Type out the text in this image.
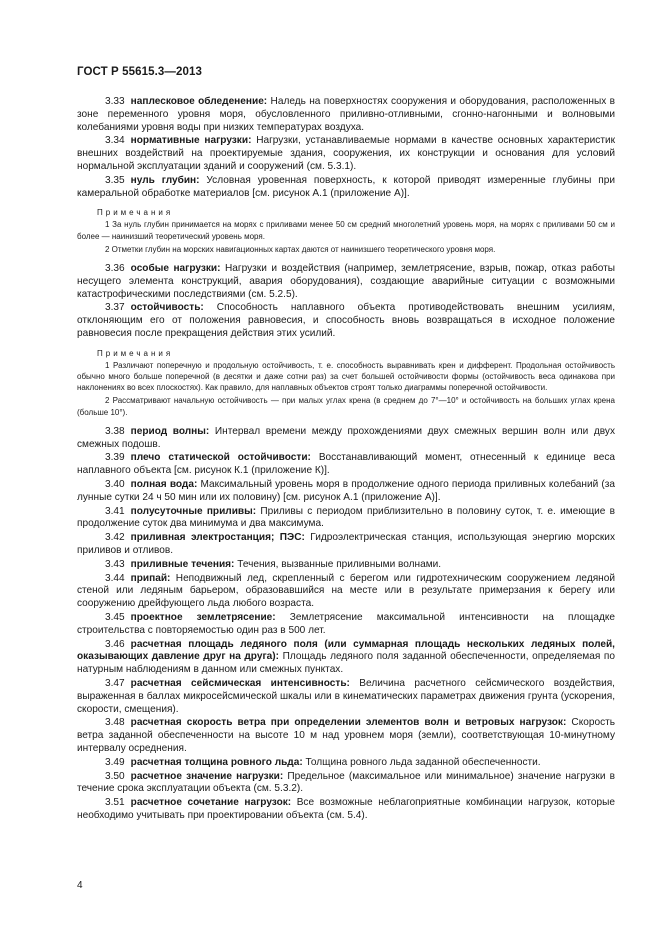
ГОСТ Р 55615.3—2013

3.33 наплесковое обледенение: Наледь на поверхностях сооружения и оборудования, расположенных в зоне переменного уровня моря, обусловленного приливно-отливными, сгонно-нагонными и волновыми колебаниями уровня воды при низких температурах воздуха.

3.34 нормативные нагрузки: Нагрузки, устанавливаемые нормами в качестве основных характеристик внешних воздействий на проектируемые здания, сооружения, их конструкции и основания для условий нормальной эксплуатации зданий и сооружений (см. 5.3.1).

3.35 нуль глубин: Условная уровенная поверхность, к которой приводят измеренные глубины при камеральной обработке материалов [см. рисунок А.1 (приложение А)].

Примечания

1 За нуль глубин принимается на морях с приливами менее 50 см средний многолетний уровень моря, на морях с приливами 50 см и более — наинизший теоретический уровень моря.

2 Отметки глубин на морских навигационных картах даются от наинизшего теоретического уровня моря.

3.36 особые нагрузки: Нагрузки и воздействия (например, землетрясение, взрыв, пожар, отказ работы несущего элемента конструкций, авария оборудования), создающие аварийные ситуации с возможными катастрофическими последствиями (см. 5.2.5).

3.37 остойчивость: Способность наплавного объекта противодействовать внешним усилиям, отклоняющим его от положения равновесия, и способность вновь возвращаться в исходное положение равновесия после прекращения действия этих усилий.

Примечания

1 Различают поперечную и продольную остойчивость, т. е. способность выравнивать крен и дифферент. Продольная остойчивость обычно много больше поперечной (в десятки и даже сотни раз) за счет большей остойчивости формы (остойчивость веса одинакова при наклонениях во всех плоскостях). Как правило, для наплавных объектов строят только диаграммы поперечной остойчивости.

2 Рассматривают начальную остойчивость — при малых углах крена (в среднем до 7°—10° и остойчивость на больших углах крена (больше 10°).

3.38 период волны: Интервал времени между прохождениями двух смежных вершин волн или двух смежных подошв.

3.39 плечо статической остойчивости: Восстанавливающий момент, отнесенный к единице веса наплавного объекта [см. рисунок К.1 (приложение К)].

3.40 полная вода: Максимальный уровень моря в продолжение одного периода приливных колебаний (за лунные сутки 24 ч 50 мин или их половину) [см. рисунок А.1 (приложение А)].

3.41 полусуточные приливы: Приливы с периодом приблизительно в половину суток, т. е. имеющие в продолжение суток два минимума и два максимума.

3.42 приливная электростанция; ПЭС: Гидроэлектрическая станция, использующая энергию морских приливов и отливов.

3.43 приливные течения: Течения, вызванные приливными волнами.

3.44 припай: Неподвижный лед, скрепленный с берегом или гидротехническим сооружением ледяной стеной или ледяным барьером, образовавшийся на месте или в результате примерзания к берегу или сооружению дрейфующего льда любого возраста.

3.45 проектное землетрясение: Землетрясение максимальной интенсивности на площадке строительства с повторяемостью один раз в 500 лет.

3.46 расчетная площадь ледяного поля (или суммарная площадь нескольких ледяных полей, оказывающих давление друг на друга): Площадь ледяного поля заданной обеспеченности, определяемая по натурным наблюдениям в данном или смежных пунктах.

3.47 расчетная сейсмическая интенсивность: Величина расчетного сейсмического воздействия, выраженная в баллах микросейсмической шкалы или в кинематических параметрах движения грунта (ускорения, скорости, смещения).

3.48 расчетная скорость ветра при определении элементов волн и ветровых нагрузок: Скорость ветра заданной обеспеченности на высоте 10 м над уровнем моря (земли), соответствующая 10-минутному интервалу осреднения.

3.49 расчетная толщина ровного льда: Толщина ровного льда заданной обеспеченности.

3.50 расчетное значение нагрузки: Предельное (максимальное или минимальное) значение нагрузки в течение срока эксплуатации объекта (см. 5.3.2).

3.51 расчетное сочетание нагрузок: Все возможные неблагоприятные комбинации нагрузок, которые необходимо учитывать при проектировании объекта (см. 5.4).

4
